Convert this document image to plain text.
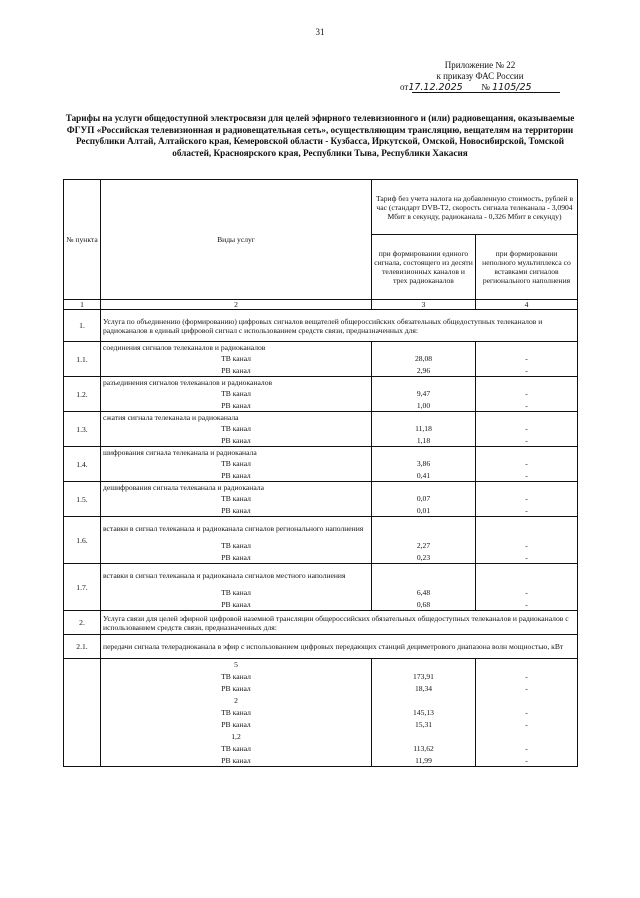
31
Приложение № 22
к приказу ФАС России
от17.12.2025 № 1105/25
Тарифы на услуги общедоступной электросвязи для целей эфирного телевизионного и (или) радиовещания, оказываемые ФГУП «Российская телевизионная и радиовещательная сеть», осуществляющим трансляцию, вещателям на территории Республики Алтай, Алтайского края, Кемеровской области - Кузбасса, Иркутской, Омской, Новосибирской, Томской областей, Красноярского края, Республики Тыва, Республики Хакасия
№ пункта	Виды услуг	Тариф без учета налога на добавленную стоимость, рублей в час (стандарт DVB-T2, скорость сигнала телеканала - 3,0904 Мбит в секунду, радиоканала - 0,326 Мбит в секунду)	
		при формировании единого сигнала, состоящего из десяти телевизионных каналов и трех радиоканалов	при формировании неполного мультиплекса со вставками сигналов регионального наполнения
1	2	3	4
1.	Услуга по объединению (формированию) цифровых сигналов вещателей общероссийских обязательных общедоступных телеканалов и радиоканалов в единый цифровой сигнал с использованием средств связи, предназначенных для:		
1.1.	соединения сигналов телеканалов и радиоканалов		
	ТВ канал	28,08	-
	РВ канал	2,96	-
1.2.	разъединения сигналов телеканалов и радиоканалов		
	ТВ канал	9,47	-
	РВ канал	1,00	-
1.3.	сжатия сигнала телеканала и радиоканала		
	ТВ канал	11,18	-
	РВ канал	1,18	-
1.4.	шифрования сигнала телеканала и радиоканала		
	ТВ канал	3,86	-
	РВ канал	0,41	-
1.5.	дешифрования сигнала телеканала и радиоканала		
	ТВ канал	0,07	-
	РВ канал	0,01	-
1.6.	вставки в сигнал телеканала и радиоканала сигналов регионального наполнения		
	ТВ канал	2,27	-
	РВ канал	0,23	-
1.7.	вставки в сигнал телеканала и радиоканала сигналов местного наполнения		
	ТВ канал	6,48	-
	РВ канал	0,68	-
2.	Услуга связи для целей эфирной цифровой наземной трансляции общероссийских обязательных общедоступных телеканалов и радиоканалов с использованием средств связи, предназначенных для:		
2.1.	передачи сигнала телерадиоканала в эфир с использованием цифровых передающих станций дециметрового диапазона волн мощностью, кВт		
	5		
	ТВ канал	173,91	-
	РВ канал	18,34	-
	2		
	ТВ канал	145,13	-
	РВ канал	15,31	-
	1,2		
	ТВ канал	113,62	-
	РВ канал	11,99	-
